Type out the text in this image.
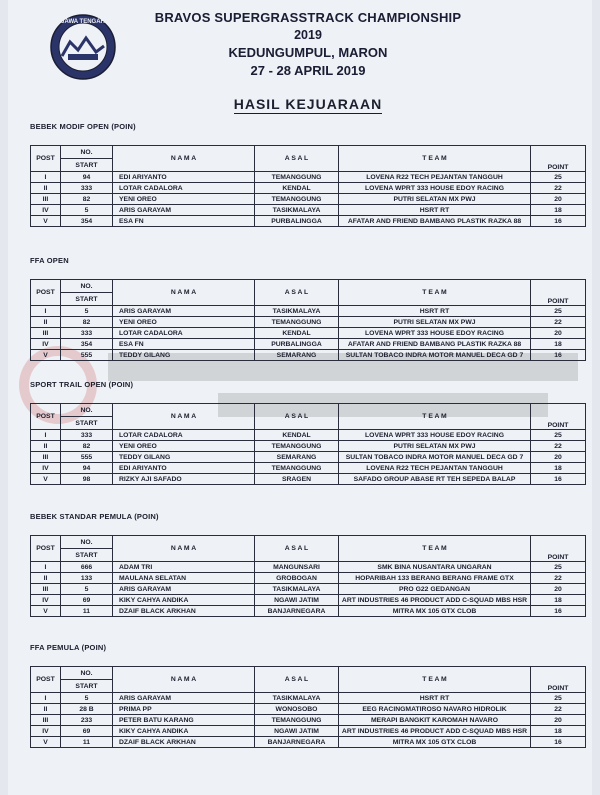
JAWA TENGAH	BRAVOS SUPERGRASSTRACK CHAMPIONSHIP
2019
KEDUNGUMPUL, MARON
27 - 28 APRIL 2019
HASIL KEJUARAAN
BEBEK MODIF OPEN (POIN)
POST	NO.	N A M A	A S A L	T E A M	POINT
	START				
I	94	EDI ARIYANTO	TEMANGGUNG	LOVENA R22 TECH PEJANTAN TANGGUH	25
II	333	LOTAR CADALORA	KENDAL	LOVENA WPRT 333 HOUSE EDOY RACING	22
III	82	YENI OREO	TEMANGGUNG	PUTRI SELATAN MX PWJ	20
IV	5	ARIS GARAYAM	TASIKMALAYA	HSRT RT	18
V	354	ESA FN	PURBALINGGA	AFATAR AND FRIEND BAMBANG PLASTIK RAZKA 88	16
FFA OPEN
POST	NO.	N A M A	A S A L	T E A M	POINT
	START				
I	5	ARIS GARAYAM	TASIKMALAYA	HSRT RT	25
II	82	YENI OREO	TEMANGGUNG	PUTRI SELATAN MX PWJ	22
III	333	LOTAR CADALORA	KENDAL	LOVENA WPRT 333 HOUSE EDOY RACING	20
IV	354	ESA FN	PURBALINGGA	AFATAR AND FRIEND BAMBANG PLASTIK RAZKA 88	18
V	555	TEDDY GILANG	SEMARANG	SULTAN TOBACO INDRA MOTOR MANUEL DECA GD 7	16
SPORT TRAIL OPEN (POIN)
POST	NO.	N A M A	A S A L	T E A M	POINT
	START				
I	333	LOTAR CADALORA	KENDAL	LOVENA WPRT 333 HOUSE EDOY RACING	25
II	82	YENI OREO	TEMANGGUNG	PUTRI SELATAN MX PWJ	22
III	555	TEDDY GILANG	SEMARANG	SULTAN TOBACO INDRA MOTOR MANUEL DECA GD 7	20
IV	94	EDI ARIYANTO	TEMANGGUNG	LOVENA R22 TECH PEJANTAN TANGGUH	18
V	98	RIZKY AJI SAFADO	SRAGEN	SAFADO GROUP ABASE RT TEH SEPEDA BALAP	16
BEBEK STANDAR PEMULA (POIN)
POST	NO.	N A M A	A S A L	T E A M	POINT
	START				
I	666	ADAM TRI	MANGUNSARI	SMK BINA NUSANTARA UNGARAN	25
II	133	MAULANA SELATAN	GROBOGAN	HOPARIBAH 133 BERANG BERANG FRAME GTX	22
III	5	ARIS GARAYAM	TASIKMALAYA	PRO G22 GEDANGAN	20
IV	69	KIKY CAHYA ANDIKA	NGAWI JATIM	ART INDUSTRIES 46 PRODUCT ADD C-SQUAD MBS HSR	18
V	11	DZAIF BLACK ARKHAN	BANJARNEGARA	MITRA MX 105 GTX CLOB	16
FFA PEMULA (POIN)
POST	NO.	N A M A	A S A L	T E A M	POINT
	START				
I	5	ARIS GARAYAM	TASIKMALAYA	HSRT RT	25
II	28 B	PRIMA PP	WONOSOBO	EEG RACINGMATIROSO NAVARO HIDROLIK	22
III	233	PETER BATU KARANG	TEMANGGUNG	MERAPI BANGKIT KAROMAH NAVARO	20
IV	69	KIKY CAHYA ANDIKA	NGAWI JATIM	ART INDUSTRIES 46 PRODUCT ADD C-SQUAD MBS HSR	18
V	11	DZAIF BLACK ARKHAN	BANJARNEGARA	MITRA MX 105 GTX CLOB	16
